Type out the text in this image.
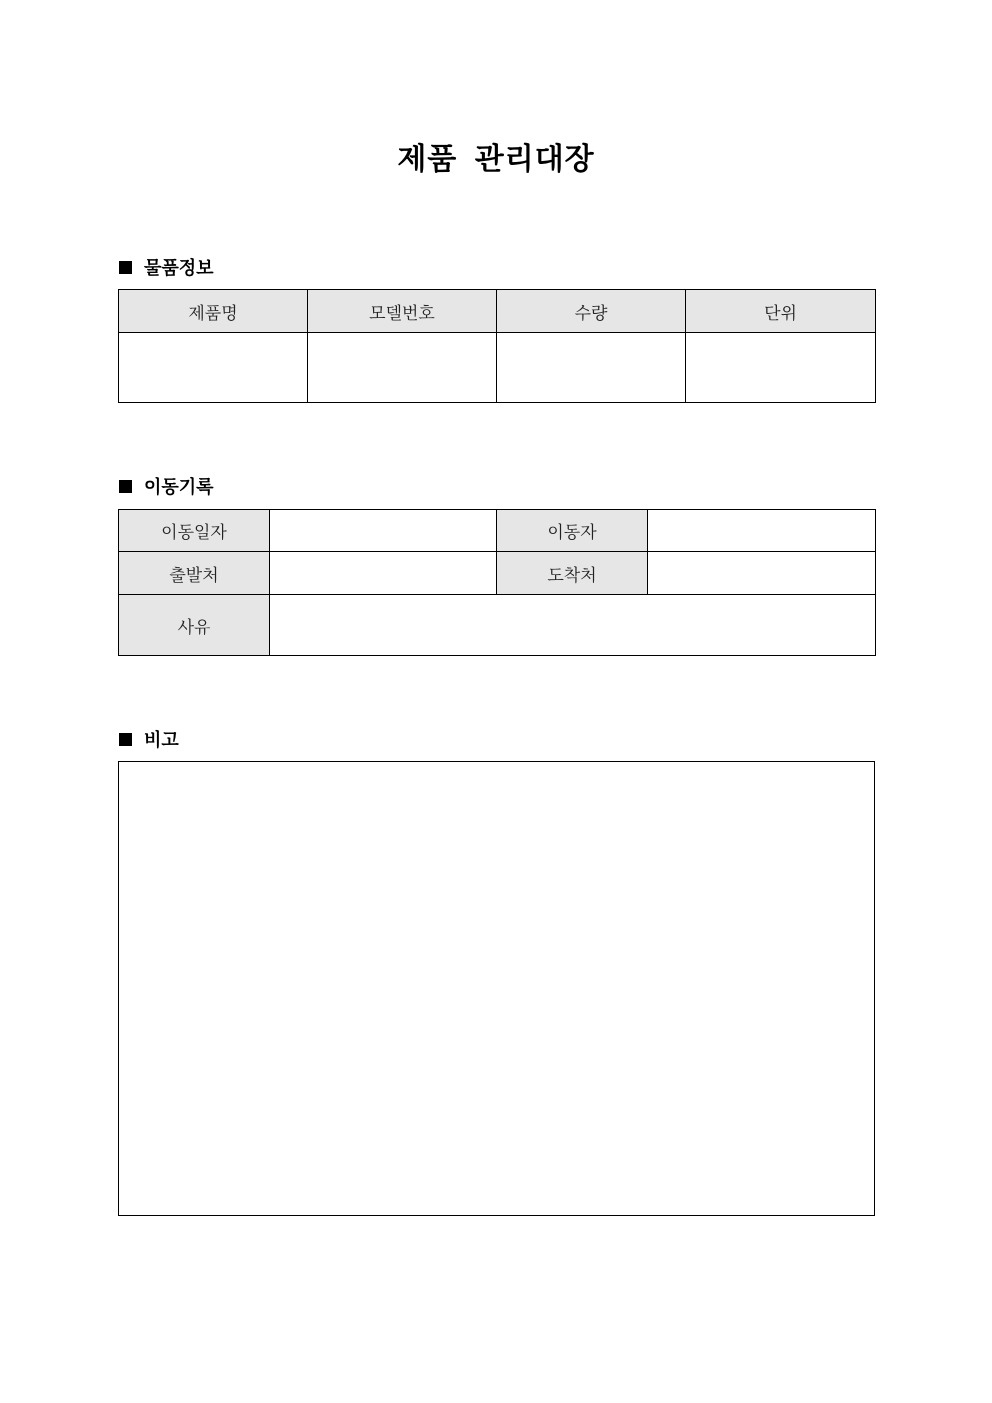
제품 관리대장
물품정보
제품명	모델번호	수량	단위

이동기록
이동일자		이동자	
출발처		도착처	
사유			
비고
